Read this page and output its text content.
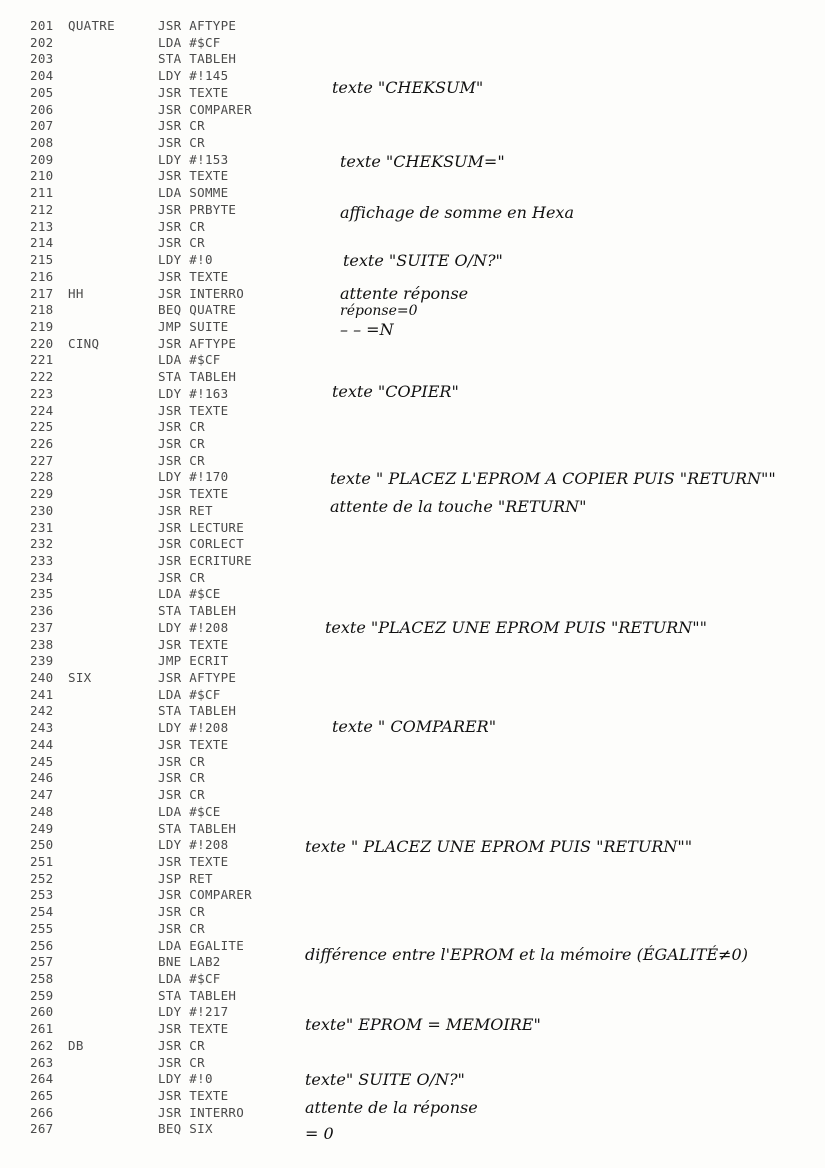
201 QUATRE	JSR AFTYPE
202	LDA #$CF
203	STA TABLEH
204	LDY #!145
205	JSR TEXTE
206	JSR COMPARER
207	JSR CR
208	JSR CR
209	LDY #!153
210	JSR TEXTE
211	LDA SOMME
212	JSR PRBYTE
213	JSR CR
214	JSR CR
215	LDY #!0
216	JSR TEXTE
217 HH	JSR INTERRO
218	BEQ QUATRE
219	JMP SUITE
220 CINQ	JSR AFTYPE
221	LDA #$CF
222	STA TABLEH
223	LDY #!163
224	JSR TEXTE
225	JSR CR
226	JSR CR
227	JSR CR
228	LDY #!170
229	JSR TEXTE
230	JSR RET
231	JSR LECTURE
232	JSR CORLECT
233	JSR ECRITURE
234	JSR CR
235	LDA #$CE
236	STA TABLEH
237	LDY #!208
238	JSR TEXTE
239	JMP ECRIT
240 SIX	JSR AFTYPE
241	LDA #$CF
242	STA TABLEH
243	LDY #!208
244	JSR TEXTE
245	JSR CR
246	JSR CR
247	JSR CR
248	LDA #$CE
249	STA TABLEH
250	LDY #!208
251	JSR TEXTE
252	JSP RET
253	JSR COMPARER
254	JSR CR
255	JSR CR
256	LDA EGALITE
257	BNE LAB2
258	LDA #$CF
259	STA TABLEH
260	LDY #!217
261	JSR TEXTE
262 DB	JSR CR
263	JSR CR
264	LDY #!0
265	JSR TEXTE
266	JSR INTERRO
267	BEQ SIX
texte "CHEKSUM"
texte "CHEKSUM="
affichage de somme en Hexa
texte "SUITE O/N?"
attente réponse
réponse=0
– – =N
texte "COPIER"
texte " PLACEZ L'EPROM A COPIER PUIS "RETURN""
attente de la touche "RETURN"
texte "PLACEZ UNE EPROM PUIS "RETURN""
texte " COMPARER"
texte " PLACEZ UNE EPROM PUIS "RETURN""
différence entre l'EPROM et la mémoire (ÉGALITÉ≠0)
texte" EPROM = MEMOIRE"
texte" SUITE O/N?"
attente de la réponse
= 0
